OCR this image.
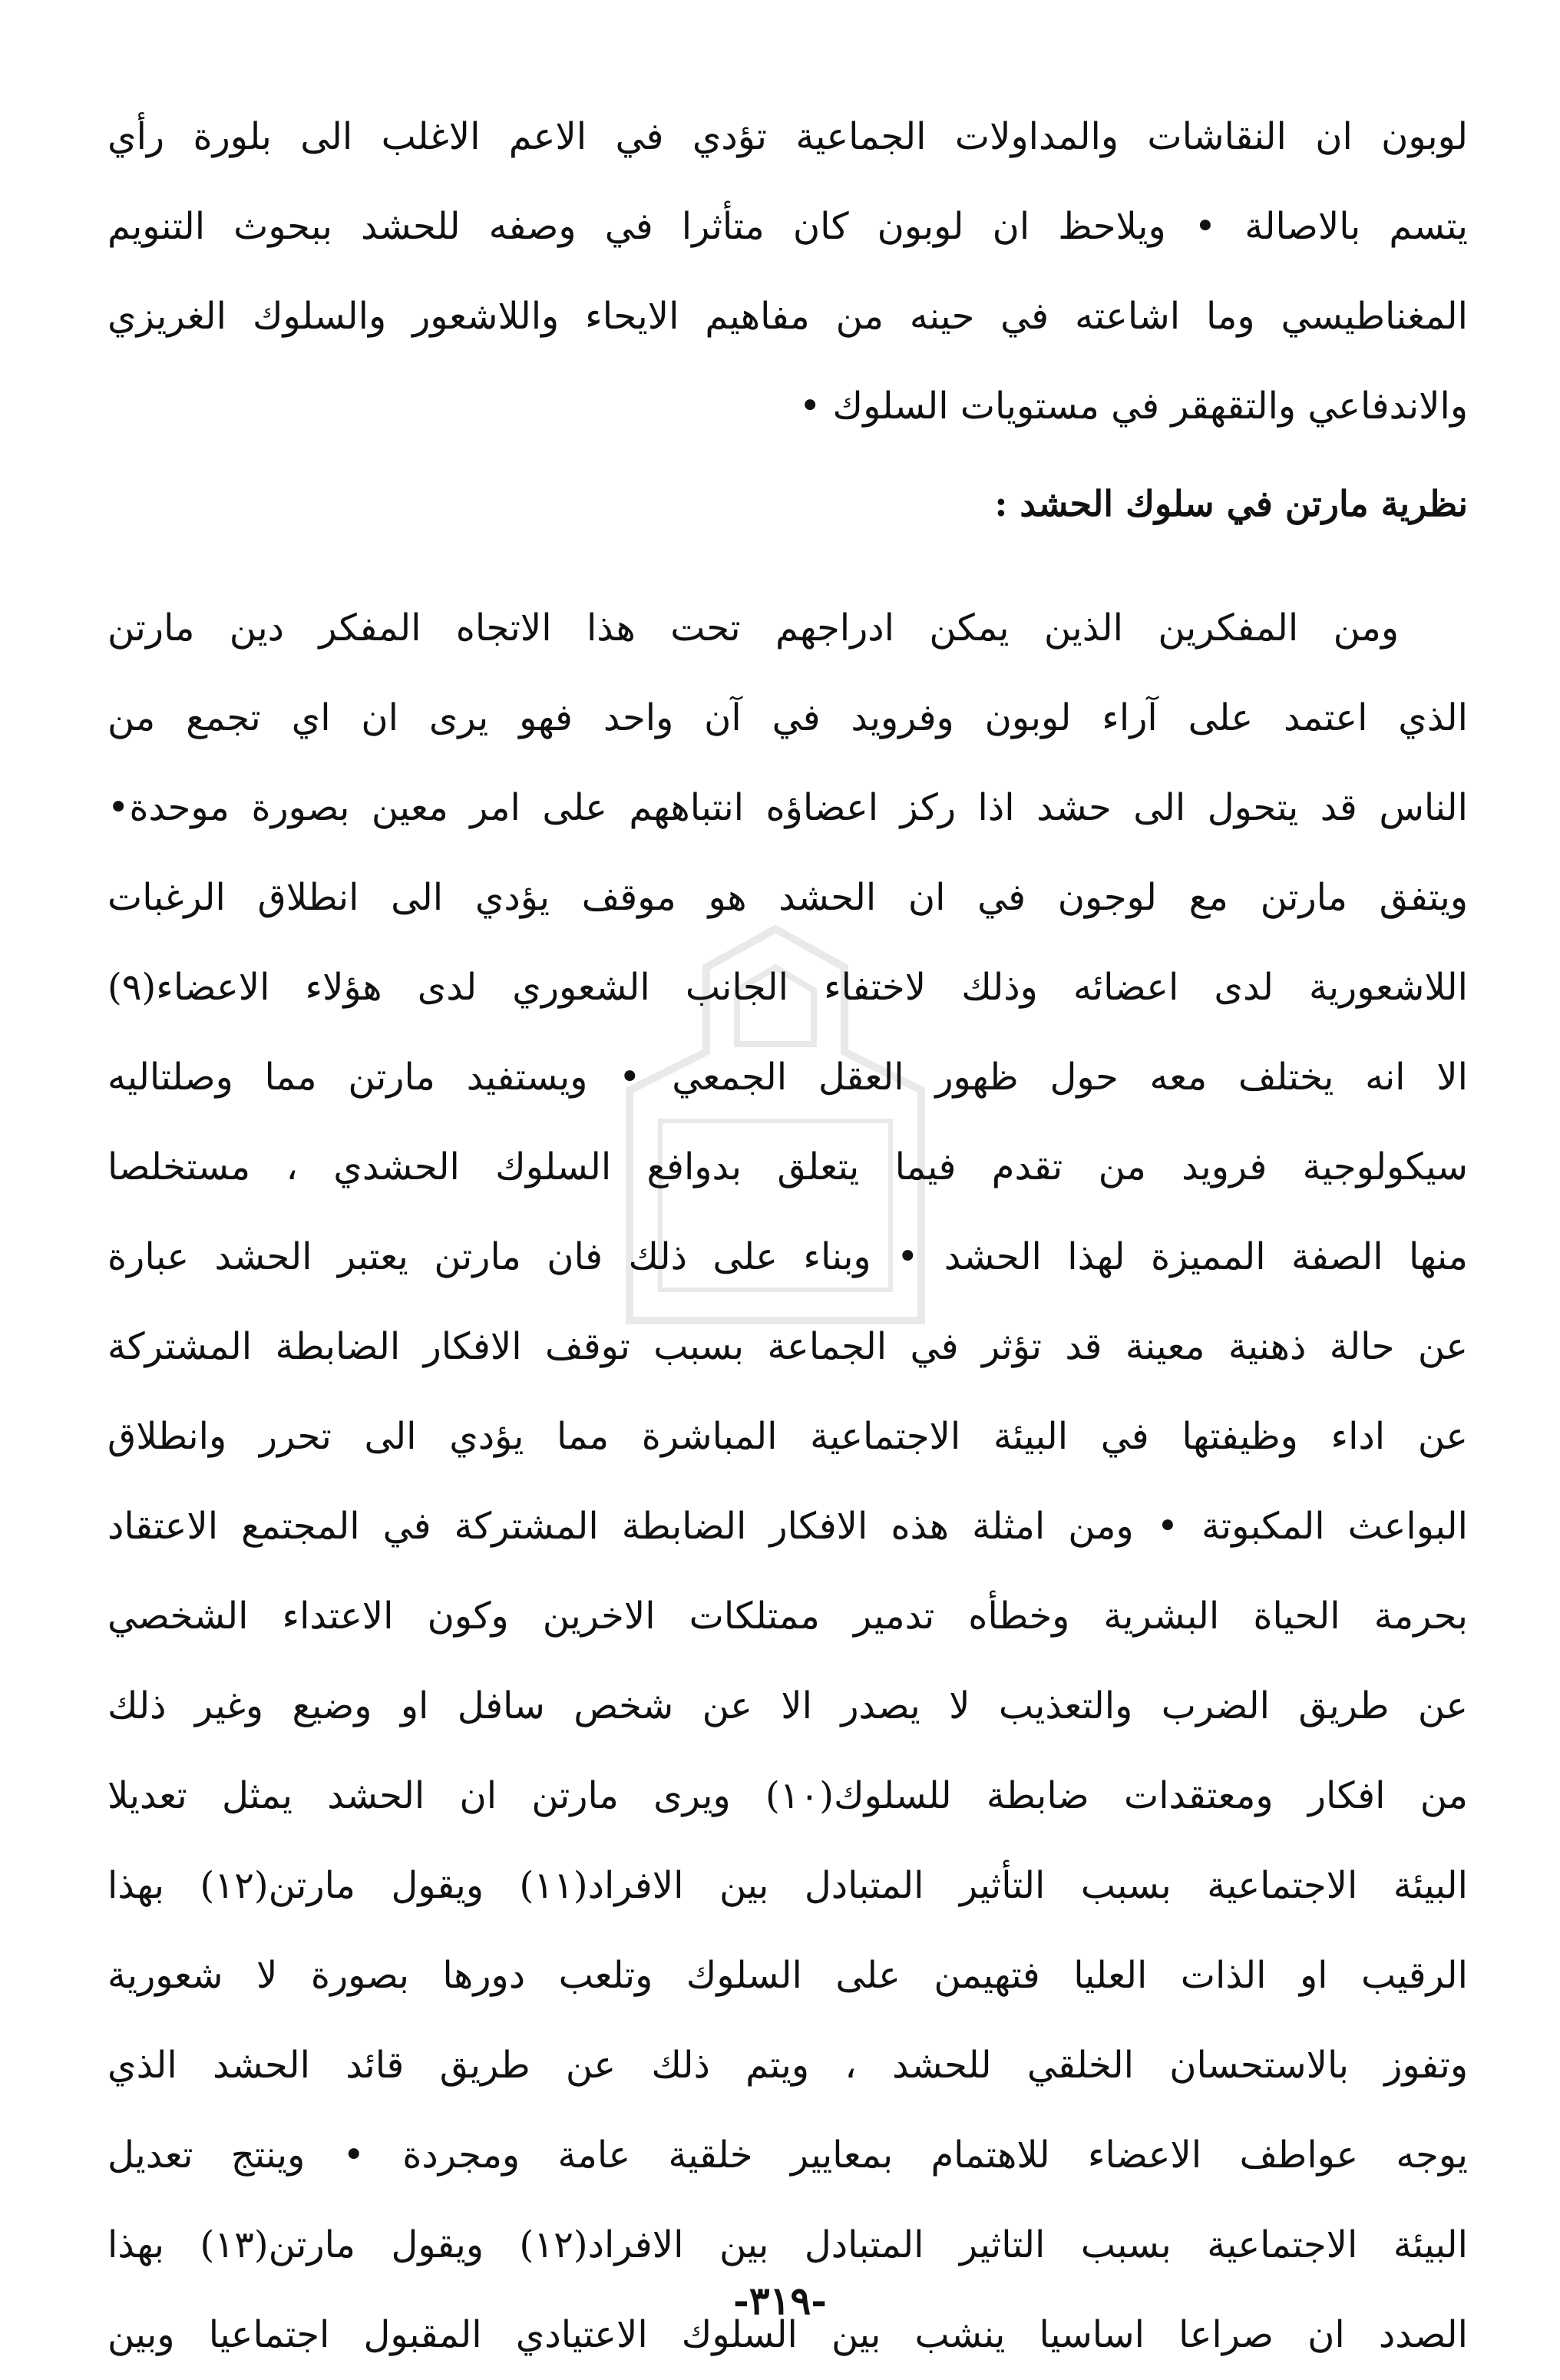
لوبون ان النقاشات والمداولات الجماعية تؤدي في الاعم الاغلب الى بلورة رأي
يتسم بالاصالة • ويلاحظ ان لوبون كان متأثرا في وصفه للحشد ببحوث التنويم
المغناطيسي وما اشاعته في حينه من مفاهيم الايحاء واللاشعور والسلوك الغريزي
والاندفاعي والتقهقر في مستويات السلوك •
نظرية مارتن في سلوك الحشد :
ومن المفكرين الذين يمكن ادراجهم تحت هذا الاتجاه المفكر دين مارتن
الذي اعتمد على آراء لوبون وفرويد في آن واحد فهو يرى ان اي تجمع من
الناس قد يتحول الى حشد اذا ركز اعضاؤه انتباههم على امر معين بصورة موحدة•
ويتفق مارتن مع لوجون في ان الحشد هو موقف يؤدي الى انطلاق الرغبات
اللاشعورية لدى اعضائه وذلك لاختفاء الجانب الشعوري لدى هؤلاء الاعضاء(٩)
الا انه يختلف معه حول ظهور العقل الجمعي • ويستفيد مارتن مما وصلتاليه
سيكولوجية فرويد من تقدم فيما يتعلق بدوافع السلوك الحشدي ، مستخلصا
منها الصفة المميزة لهذا الحشد • وبناء على ذلك فان مارتن يعتبر الحشد عبارة
عن حالة ذهنية معينة قد تؤثر في الجماعة بسبب توقف الافكار الضابطة المشتركة
عن اداء وظيفتها في البيئة الاجتماعية المباشرة مما يؤدي الى تحرر وانطلاق
البواعث المكبوتة • ومن امثلة هذه الافكار الضابطة المشتركة في المجتمع الاعتقاد
بحرمة الحياة البشرية وخطأه تدمير ممتلكات الاخرين وكون الاعتداء الشخصي
عن طريق الضرب والتعذيب لا يصدر الا عن شخص سافل او وضيع وغير ذلك
من افكار ومعتقدات ضابطة للسلوك(١٠) ويرى مارتن ان الحشد يمثل تعديلا
البيئة الاجتماعية بسبب التأثير المتبادل بين الافراد(١١) ويقول مارتن(١٢) بهذا
الرقيب او الذات العليا فتهيمن على السلوك وتلعب دورها بصورة لا شعورية
وتفوز بالاستحسان الخلقي للحشد ، ويتم ذلك عن طريق قائد الحشد الذي
يوجه عواطف الاعضاء للاهتمام بمعايير خلقية عامة ومجردة • وينتج تعديل
البيئة الاجتماعية بسبب التاثير المتبادل بين الافراد(١٢) ويقول مارتن(١٣) بهذا
الصدد ان صراعا اساسيا ينشب بين السلوك الاعتيادي المقبول اجتماعيا وبين
-٣١٩-
